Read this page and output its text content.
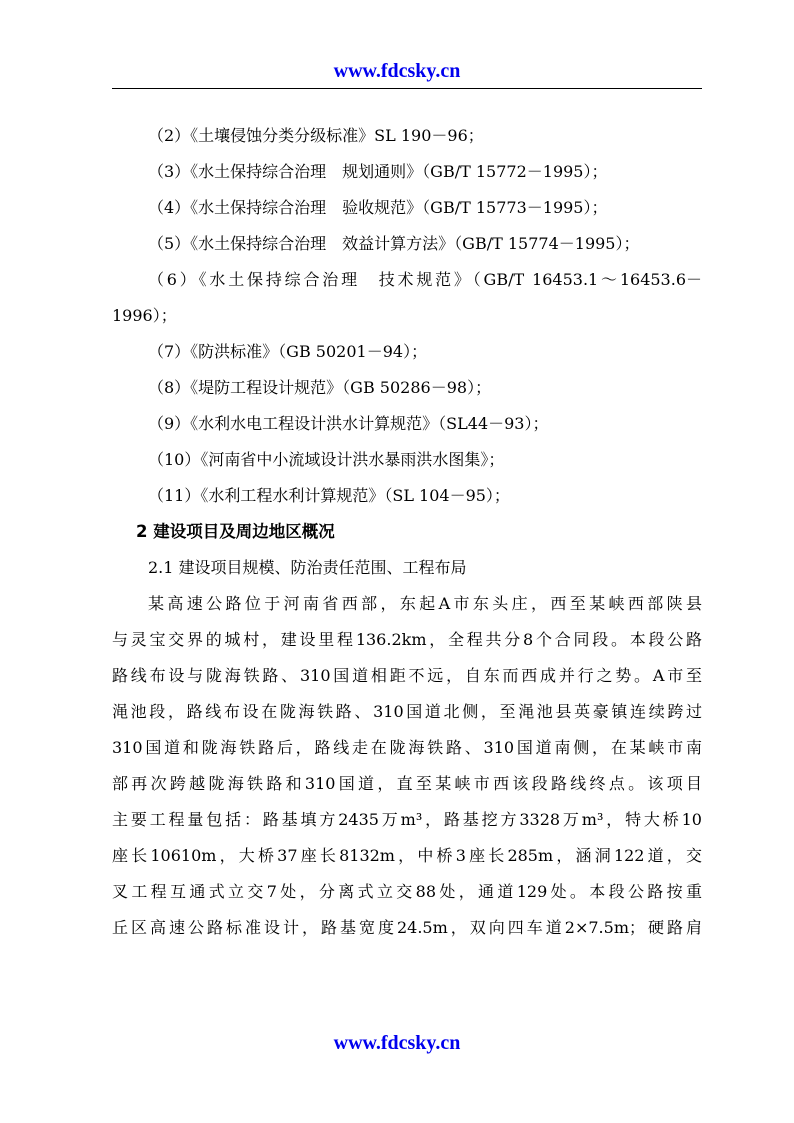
www.fdcsky.cn
（2）《土壤侵蚀分类分级标准》SL 190－96；
（3）《水土保持综合治理　规划通则》（GB/T 15772－1995）；
（4）《水土保持综合治理　验收规范》（GB/T 15773－1995）；
（5）《水土保持综合治理　效益计算方法》（GB/T 15774－1995）；
（6）《水土保持综合治理　技术规范》（GB/T 16453.1～16453.6－
1996）；
（7）《防洪标准》（GB 50201－94）；
（8）《堤防工程设计规范》（GB 50286－98）；
（9）《水利水电工程设计洪水计算规范》（SL44－93）；
（10）《河南省中小流域设计洪水暴雨洪水图集》；
（11）《水利工程水利计算规范》（SL 104－95）；
2 建设项目及周边地区概况
2.1 建设项目规模、防治责任范围、工程布局
某高速公路位于河南省西部，东起A市东头庄，西至某峡西部陕县
与灵宝交界的城村，建设里程136.2km，全程共分8个合同段。本段公路
路线布设与陇海铁路、310国道相距不远，自东而西成并行之势。A市至
渑池段，路线布设在陇海铁路、310国道北侧，至渑池县英豪镇连续跨过
310国道和陇海铁路后，路线走在陇海铁路、310国道南侧，在某峡市南
部再次跨越陇海铁路和310国道，直至某峡市西该段路线终点。该项目
主要工程量包括：路基填方2435万m³，路基挖方3328万m³，特大桥10
座长10610m，大桥37座长8132m，中桥3座长285m，涵洞122道，交
叉工程互通式立交7处，分离式立交88处，通道129处。本段公路按重
丘区高速公路标准设计，路基宽度24.5m，双向四车道2×7.5m；硬路肩
www.fdcsky.cn
